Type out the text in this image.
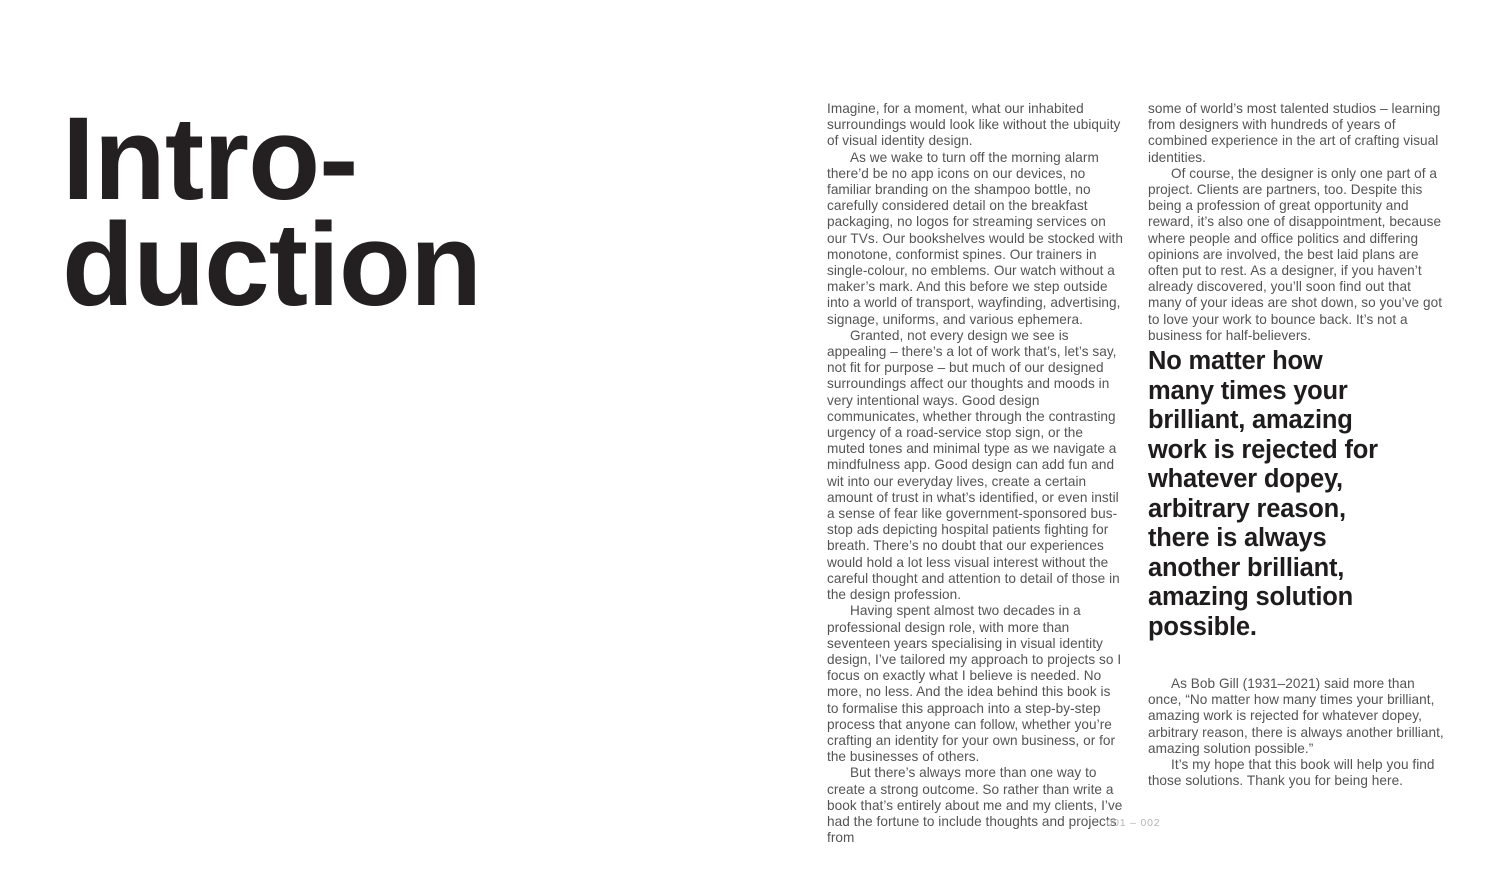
Intro-
duction

Imagine, for a moment, what our inhabited surroundings would look like without the ubiquity of visual identity design.

As we wake to turn off the morning alarm there’d be no app icons on our devices, no familiar branding on the shampoo bottle, no carefully considered detail on the breakfast packaging, no logos for streaming services on our TVs. Our bookshelves would be stocked with monotone, conformist spines. Our trainers in single-colour, no emblems. Our watch without a maker’s mark. And this before we step outside into a world of transport, wayfinding, advertising, signage, uniforms, and various ephemera.

Granted, not every design we see is appealing – there’s a lot of work that’s, let’s say, not fit for purpose – but much of our designed surroundings affect our thoughts and moods in very intentional ways. Good design communicates, whether through the contrasting urgency of a road-service stop sign, or the muted tones and minimal type as we navigate a mindfulness app. Good design can add fun and wit into our everyday lives, create a certain amount of trust in what’s identified, or even instil a sense of fear like government-sponsored bus-stop ads depicting hospital patients fighting for breath. There’s no doubt that our experiences would hold a lot less visual interest without the careful thought and attention to detail of those in the design profession.

Having spent almost two decades in a professional design role, with more than seventeen years specialising in visual identity design, I’ve tailored my approach to projects so I focus on exactly what I believe is needed. No more, no less. And the idea behind this book is to formalise this approach into a step-by-step process that anyone can follow, whether you’re crafting an identity for your own business, or for the businesses of others.

But there’s always more than one way to create a strong outcome. So rather than write a book that’s entirely about me and my clients, I’ve had the fortune to include thoughts and projects from

some of world’s most talented studios – learning from designers with hundreds of years of combined experience in the art of crafting visual identities.

Of course, the designer is only one part of a project. Clients are partners, too. Despite this being a profession of great opportunity and reward, it’s also one of disappointment, because where people and office politics and differing opinions are involved, the best laid plans are often put to rest. As a designer, if you haven’t already discovered, you’ll soon find out that many of your ideas are shot down, so you’ve got to love your work to bounce back. It’s not a business for half-believers.

No matter how
many times your
brilliant, amazing
work is rejected for
whatever dopey,
arbitrary reason,
there is always
another brilliant,
amazing solution
possible.

As Bob Gill (1931–2021) said more than once, “No matter how many times your brilliant, amazing work is rejected for whatever dopey, arbitrary reason, there is always another brilliant, amazing solution possible.”

It’s my hope that this book will help you find those solutions. Thank you for being here.

001 – 002
